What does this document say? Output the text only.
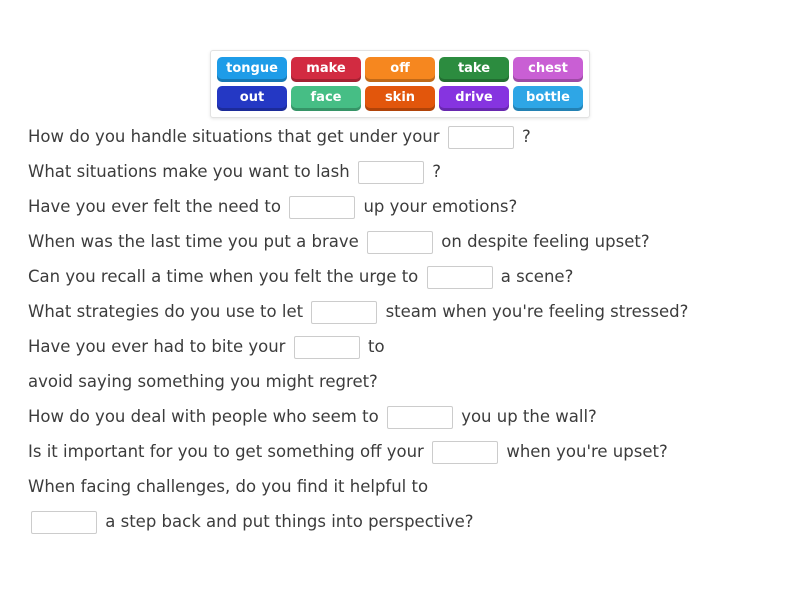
tongue	make	off	take	chest
out	face	skin	drive	bottle
How do you handle situations that get under your	?
What situations make you want to lash	?
Have you ever felt the need to	up your emotions?
When was the last time you put a brave	on despite feeling upset?
Can you recall a time when you felt the urge to	a scene?
What strategies do you use to let	steam when you're feeling stressed?
Have you ever had to bite your	to
avoid saying something you might regret?
How do you deal with people who seem to	you up the wall?
Is it important for you to get something off your	when you're upset?
When facing challenges, do you find it helpful to
a step back and put things into perspective?
